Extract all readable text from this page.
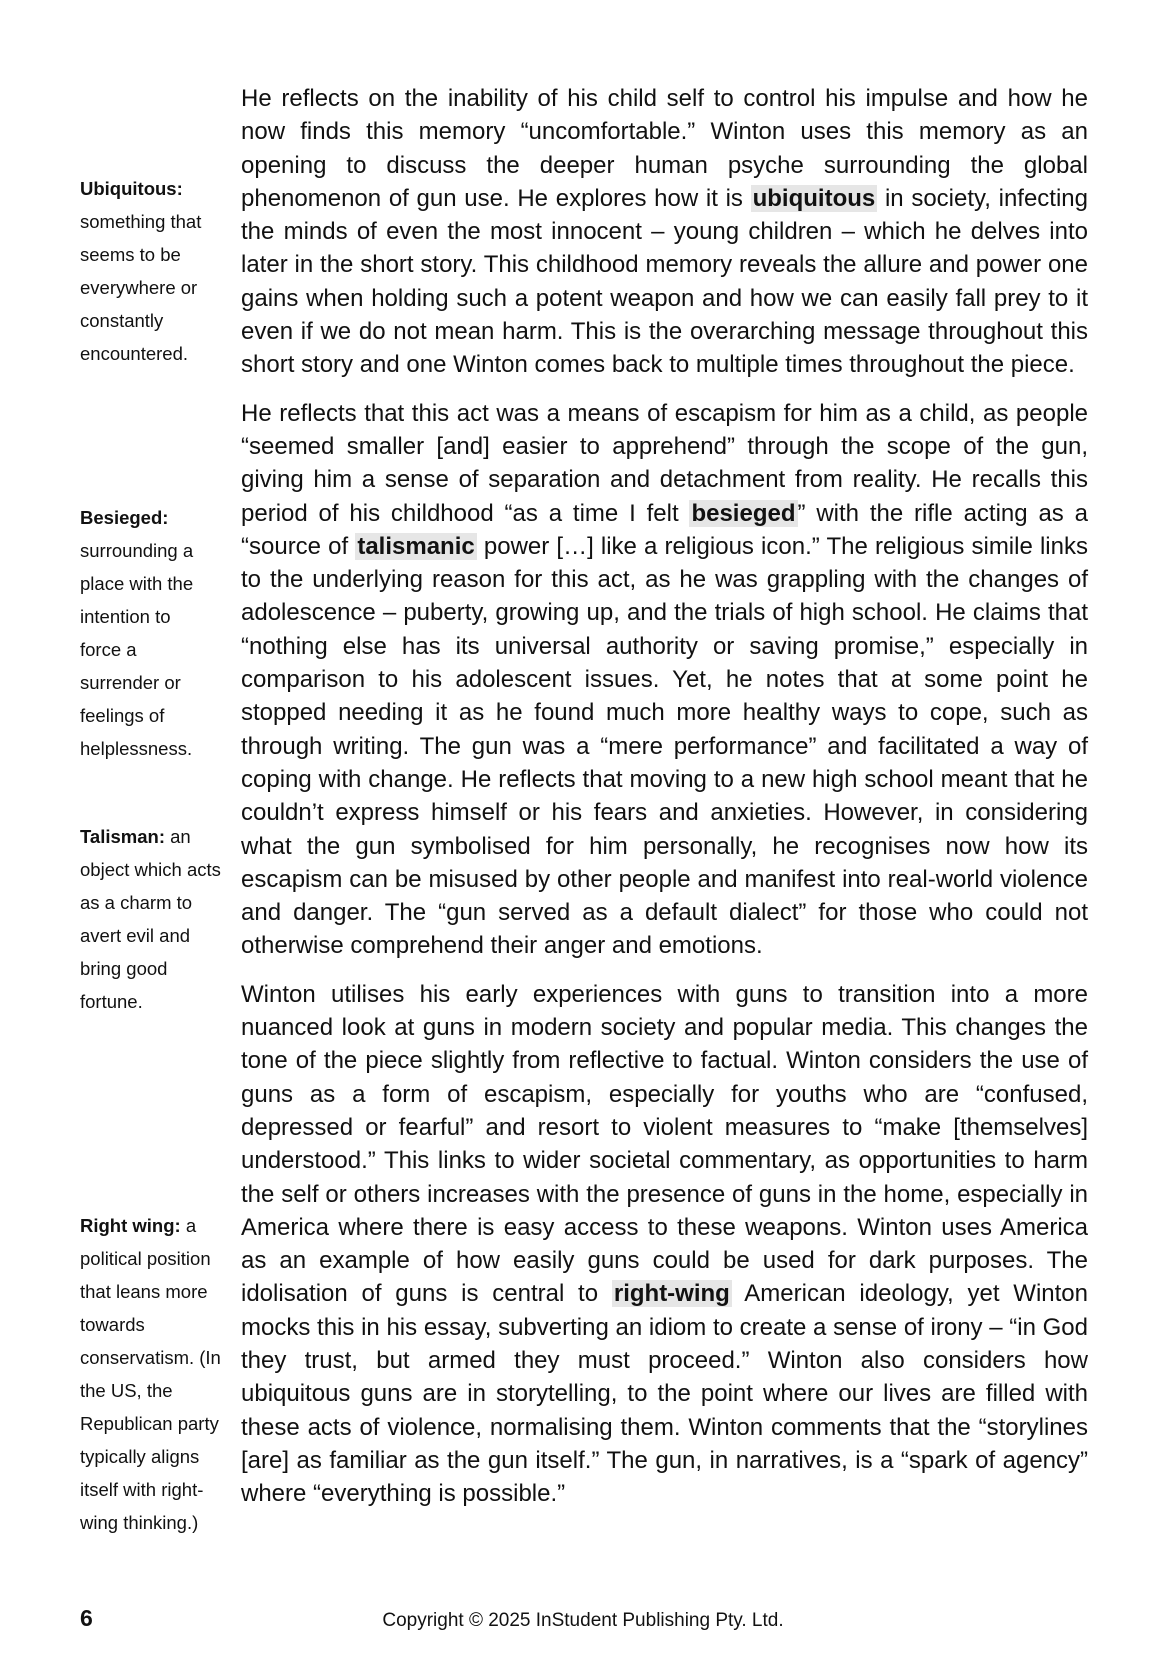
Ubiquitous:
something that seems to be everywhere or constantly encountered.
Besieged:
surrounding a place with the intention to force a surrender or feelings of helplessness.
Talisman: an object which acts as a charm to avert evil and bring good fortune.
Right wing: a political position that leans more towards conservatism. (In the US, the Republican party typically aligns itself with right-wing thinking.)

He reflects on the inability of his child self to control his impulse and how he now finds this memory “uncomfortable.” Winton uses this memory as an opening to discuss the deeper human psyche surrounding the global phenomenon of gun use. He explores how it is ubiquitous in society, infecting the minds of even the most innocent – young children – which he delves into later in the short story. This childhood memory reveals the allure and power one gains when holding such a potent weapon and how we can easily fall prey to it even if we do not mean harm. This is the overarching message throughout this short story and one Winton comes back to multiple times throughout the piece.

He reflects that this act was a means of escapism for him as a child, as people “seemed smaller [and] easier to apprehend” through the scope of the gun, giving him a sense of separation and detachment from reality. He recalls this period of his childhood “as a time I felt besieged” with the rifle acting as a “source of talismanic power […] like a religious icon.” The religious simile links to the underlying reason for this act, as he was grappling with the changes of adolescence – puberty, growing up, and the trials of high school. He claims that “nothing else has its universal authority or saving promise,” especially in comparison to his adolescent issues. Yet, he notes that at some point he stopped needing it as he found much more healthy ways to cope, such as through writing. The gun was a “mere performance” and facilitated a way of coping with change. He reflects that moving to a new high school meant that he couldn’t express himself or his fears and anxieties. However, in considering what the gun symbolised for him personally, he recognises now how its escapism can be misused by other people and manifest into real-world violence and danger. The “gun served as a default dialect” for those who could not otherwise comprehend their anger and emotions.

Winton utilises his early experiences with guns to transition into a more nuanced look at guns in modern society and popular media. This changes the tone of the piece slightly from reflective to factual. Winton considers the use of guns as a form of escapism, especially for youths who are “confused, depressed or fearful” and resort to violent measures to “make [themselves] understood.” This links to wider societal commentary, as opportunities to harm the self or others increases with the presence of guns in the home, especially in America where there is easy access to these weapons. Winton uses America as an example of how easily guns could be used for dark purposes. The idolisation of guns is central to right-wing American ideology, yet Winton mocks this in his essay, subverting an idiom to create a sense of irony – “in God they trust, but armed they must proceed.” Winton also considers how ubiquitous guns are in storytelling, to the point where our lives are filled with these acts of violence, normalising them. Winton comments that the “storylines [are] as familiar as the gun itself.” The gun, in narratives, is a “spark of agency” where “everything is possible.”

6	Copyright © 2025 InStudent Publishing Pty. Ltd.
